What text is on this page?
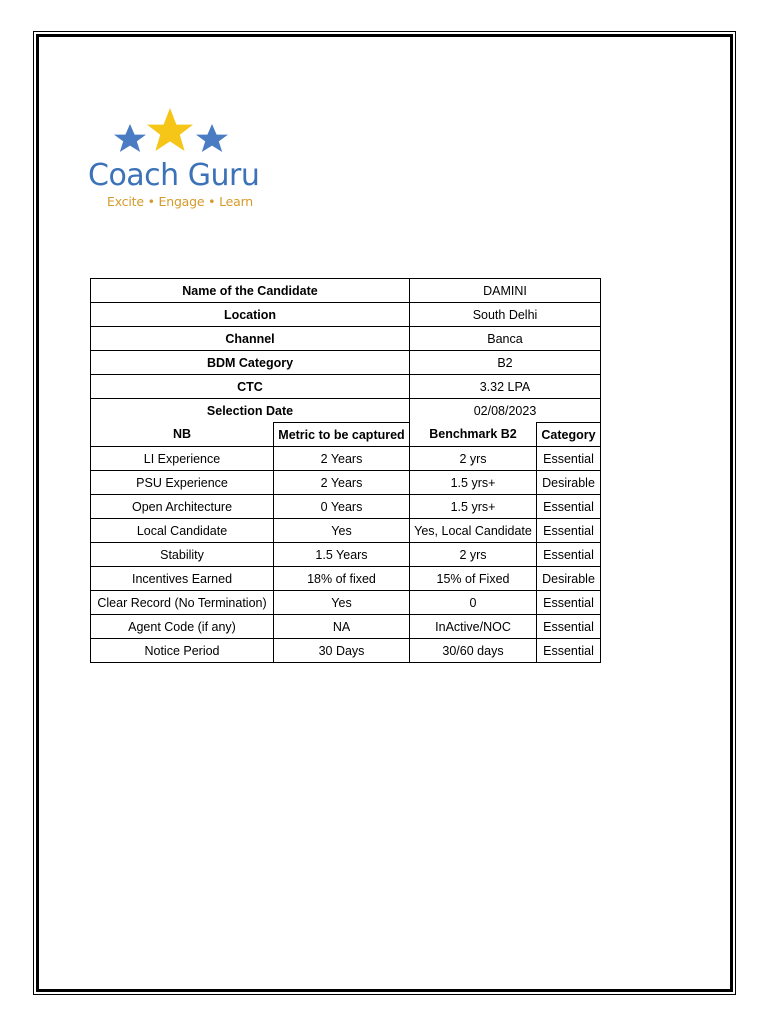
Coach Guru
Excite • Engage • Learn
Name of the Candidate		DAMINI	
Location		South Delhi	
Channel		Banca	
BDM Category		B2	
CTC		3.32 LPA	
Selection Date		02/08/2023	
NB	Metric to be captured	Benchmark B2	Category
LI Experience	2 Years	2 yrs	Essential
PSU Experience	2 Years	1.5 yrs+	Desirable
Open Architecture	0 Years	1.5 yrs+	Essential
Local Candidate	Yes	Yes, Local Candidate	Essential
Stability	1.5 Years	2 yrs	Essential
Incentives Earned	18% of fixed	15% of Fixed	Desirable
Clear Record (No Termination)	Yes	0	Essential
Agent Code (if any)	NA	InActive/NOC	Essential
Notice Period	30 Days	30/60 days	Essential
